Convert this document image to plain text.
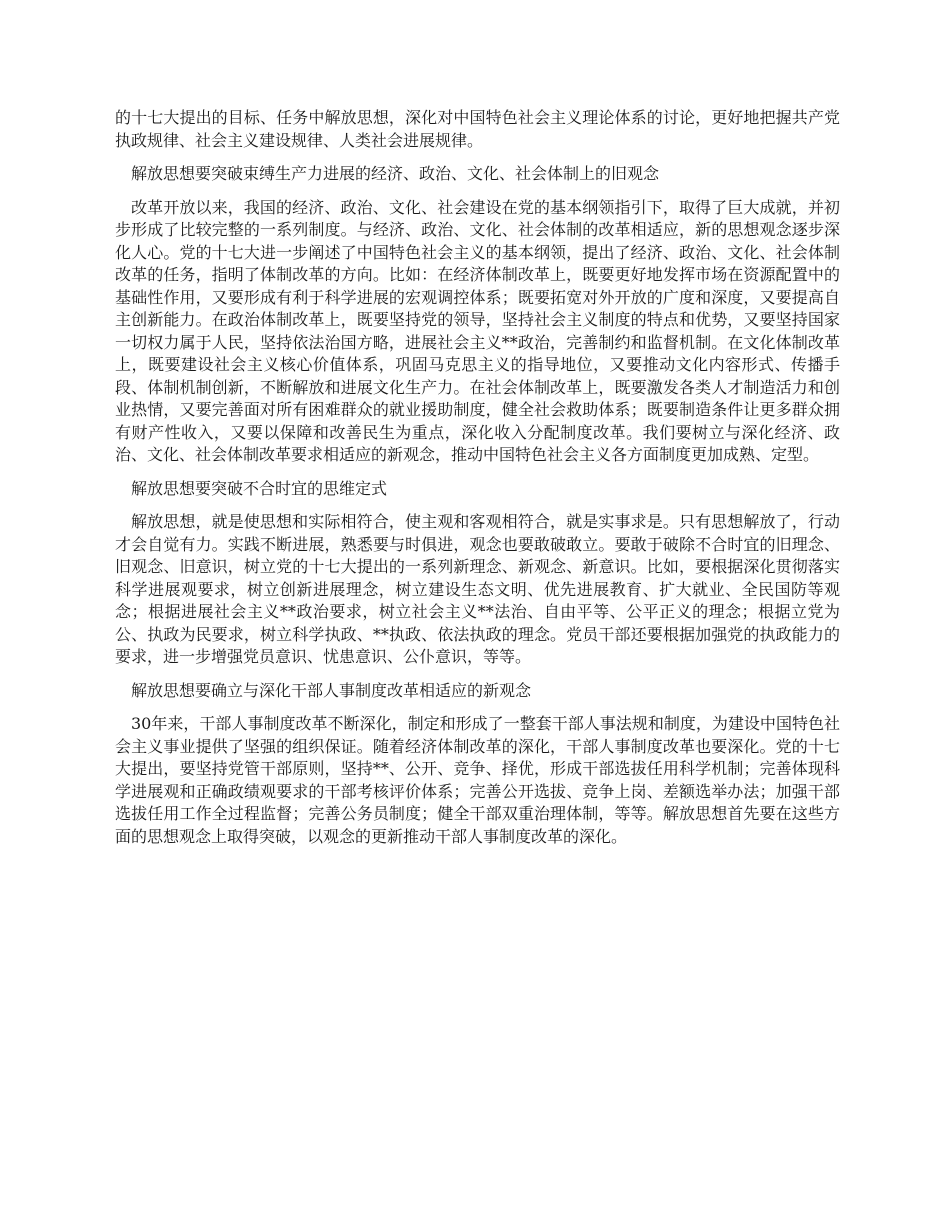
的十七大提出的目标、任务中解放思想，深化对中国特色社会主义理论体系的讨论，更好地把握共产党执政规律、社会主义建设规律、人类社会进展规律。

解放思想要突破束缚生产力进展的经济、政治、文化、社会体制上的旧观念

改革开放以来，我国的经济、政治、文化、社会建设在党的基本纲领指引下，取得了巨大成就，并初步形成了比较完整的一系列制度。与经济、政治、文化、社会体制的改革相适应，新的思想观念逐步深化人心。党的十七大进一步阐述了中国特色社会主义的基本纲领，提出了经济、政治、文化、社会体制改革的任务，指明了体制改革的方向。比如：在经济体制改革上，既要更好地发挥市场在资源配置中的基础性作用，又要形成有利于科学进展的宏观调控体系；既要拓宽对外开放的广度和深度，又要提高自主创新能力。在政治体制改革上，既要坚持党的领导，坚持社会主义制度的特点和优势，又要坚持国家一切权力属于人民，坚持依法治国方略，进展社会主义**政治，完善制约和监督机制。在文化体制改革上，既要建设社会主义核心价值体系，巩固马克思主义的指导地位，又要推动文化内容形式、传播手段、体制机制创新，不断解放和进展文化生产力。在社会体制改革上，既要激发各类人才制造活力和创业热情，又要完善面对所有困难群众的就业援助制度，健全社会救助体系；既要制造条件让更多群众拥有财产性收入，又要以保障和改善民生为重点，深化收入分配制度改革。我们要树立与深化经济、政治、文化、社会体制改革要求相适应的新观念，推动中国特色社会主义各方面制度更加成熟、定型。

解放思想要突破不合时宜的思维定式

解放思想，就是使思想和实际相符合，使主观和客观相符合，就是实事求是。只有思想解放了，行动才会自觉有力。实践不断进展，熟悉要与时俱进，观念也要敢破敢立。要敢于破除不合时宜的旧理念、旧观念、旧意识，树立党的十七大提出的一系列新理念、新观念、新意识。比如，要根据深化贯彻落实科学进展观要求，树立创新进展理念，树立建设生态文明、优先进展教育、扩大就业、全民国防等观念；根据进展社会主义**政治要求，树立社会主义**法治、自由平等、公平正义的理念；根据立党为公、执政为民要求，树立科学执政、**执政、依法执政的理念。党员干部还要根据加强党的执政能力的要求，进一步增强党员意识、忧患意识、公仆意识，等等。

解放思想要确立与深化干部人事制度改革相适应的新观念

30年来，干部人事制度改革不断深化，制定和形成了一整套干部人事法规和制度，为建设中国特色社会主义事业提供了坚强的组织保证。随着经济体制改革的深化，干部人事制度改革也要深化。党的十七大提出，要坚持党管干部原则，坚持**、公开、竞争、择优，形成干部选拔任用科学机制；完善体现科学进展观和正确政绩观要求的干部考核评价体系；完善公开选拔、竞争上岗、差额选举办法；加强干部选拔任用工作全过程监督；完善公务员制度；健全干部双重治理体制，等等。解放思想首先要在这些方面的思想观念上取得突破，以观念的更新推动干部人事制度改革的深化。
